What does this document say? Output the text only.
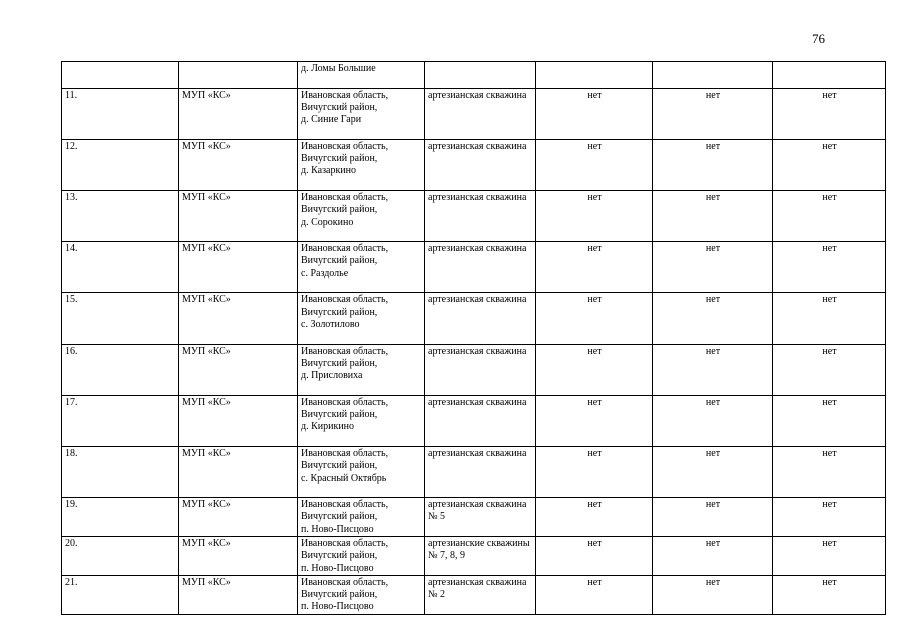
76

		д. Ломы Большие

11.	МУП «КС»	Ивановская область,
Вичугский район,
д. Синие Гари	артезианская скважина	нет	нет	нет

12.	МУП «КС»	Ивановская область,
Вичугский район,
д. Казаркино	артезианская скважина	нет	нет	нет

13.	МУП «КС»	Ивановская область,
Вичугский район,
д. Сорокино	артезианская скважина	нет	нет	нет

14.	МУП «КС»	Ивановская область,
Вичугский район,
с. Раздолье	артезианская скважина	нет	нет	нет

15.	МУП «КС»	Ивановская область,
Вичугский район,
с. Золотилово	артезианская скважина	нет	нет	нет

16.	МУП «КС»	Ивановская область,
Вичугский район,
д. Присловиха	артезианская скважина	нет	нет	нет

17.	МУП «КС»	Ивановская область,
Вичугский район,
д. Кирикино	артезианская скважина	нет	нет	нет

18.	МУП «КС»	Ивановская область,
Вичугский район,
с. Красный Октябрь	артезианская скважина	нет	нет	нет

19.	МУП «КС»	Ивановская область,
Вичугский район,
п. Ново-Писцово	артезианская скважина
№ 5	нет	нет	нет

20.	МУП «КС»	Ивановская область,
Вичугский район,
п. Ново-Писцово	артезианские скважины
№ 7, 8, 9	нет	нет	нет

21.	МУП «КС»	Ивановская область,
Вичугский район,
п. Ново-Писцово	артезианская скважина
№ 2	нет	нет	нет
